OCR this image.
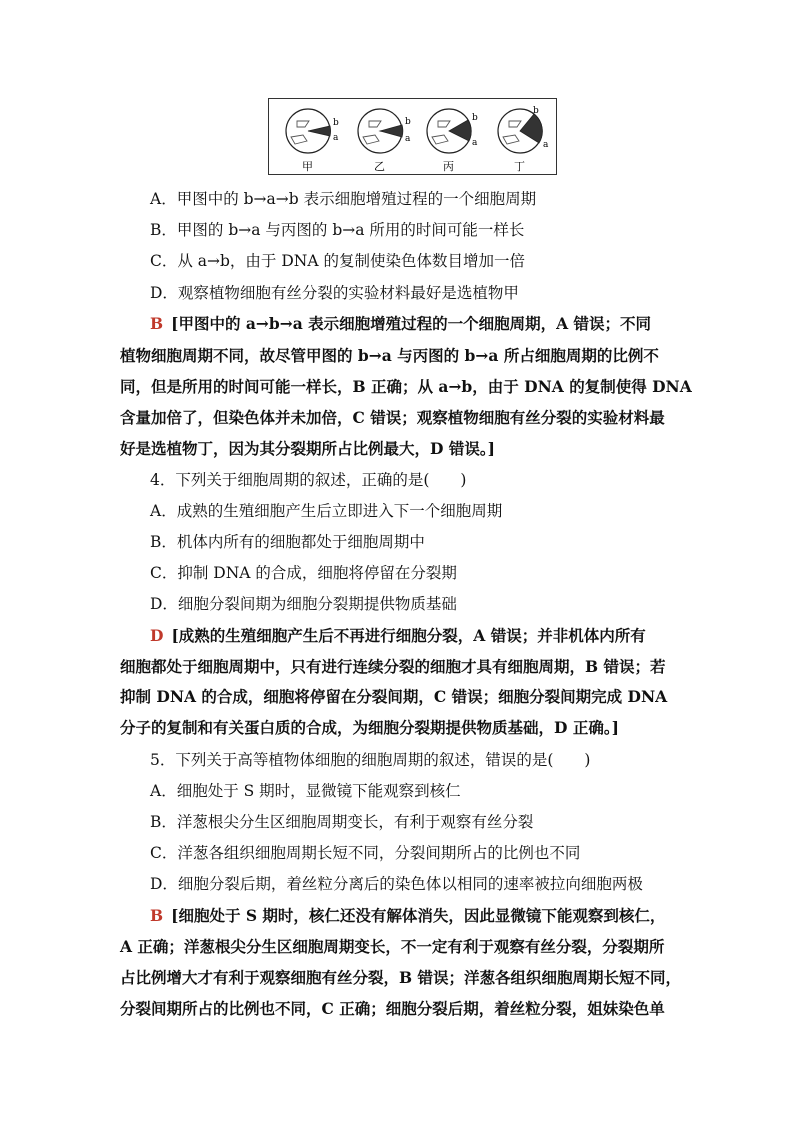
b
a
甲
b
a
乙
b
a
丙
b
a
丁
A．甲图中的 b→a→b 表示细胞增殖过程的一个细胞周期
B．甲图的 b→a 与丙图的 b→a 所用的时间可能一样长
C．从 a→b，由于 DNA 的复制使染色体数目增加一倍
D．观察植物细胞有丝分裂的实验材料最好是选植物甲
B [甲图中的 a→b→a 表示细胞增殖过程的一个细胞周期，A 错误；不同
植物细胞周期不同，故尽管甲图的 b→a 与丙图的 b→a 所占细胞周期的比例不
同，但是所用的时间可能一样长，B 正确；从 a→b，由于 DNA 的复制使得 DNA
含量加倍了，但染色体并未加倍，C 错误；观察植物细胞有丝分裂的实验材料最
好是选植物丁，因为其分裂期所占比例最大，D 错误。]
4．下列关于细胞周期的叙述，正确的是(　　)
A．成熟的生殖细胞产生后立即进入下一个细胞周期
B．机体内所有的细胞都处于细胞周期中
C．抑制 DNA 的合成，细胞将停留在分裂期
D．细胞分裂间期为细胞分裂期提供物质基础
D [成熟的生殖细胞产生后不再进行细胞分裂，A 错误；并非机体内所有
细胞都处于细胞周期中，只有进行连续分裂的细胞才具有细胞周期，B 错误；若
抑制 DNA 的合成，细胞将停留在分裂间期，C 错误；细胞分裂间期完成 DNA
分子的复制和有关蛋白质的合成，为细胞分裂期提供物质基础，D 正确。]
5．下列关于高等植物体细胞的细胞周期的叙述，错误的是(　　)
A．细胞处于 S 期时，显微镜下能观察到核仁
B．洋葱根尖分生区细胞周期变长，有利于观察有丝分裂
C．洋葱各组织细胞周期长短不同，分裂间期所占的比例也不同
D．细胞分裂后期，着丝粒分离后的染色体以相同的速率被拉向细胞两极
B [细胞处于 S 期时，核仁还没有解体消失，因此显微镜下能观察到核仁，
A 正确；洋葱根尖分生区细胞周期变长，不一定有利于观察有丝分裂，分裂期所
占比例增大才有利于观察细胞有丝分裂，B 错误；洋葱各组织细胞周期长短不同，
分裂间期所占的比例也不同，C 正确；细胞分裂后期，着丝粒分裂，姐妹染色单
